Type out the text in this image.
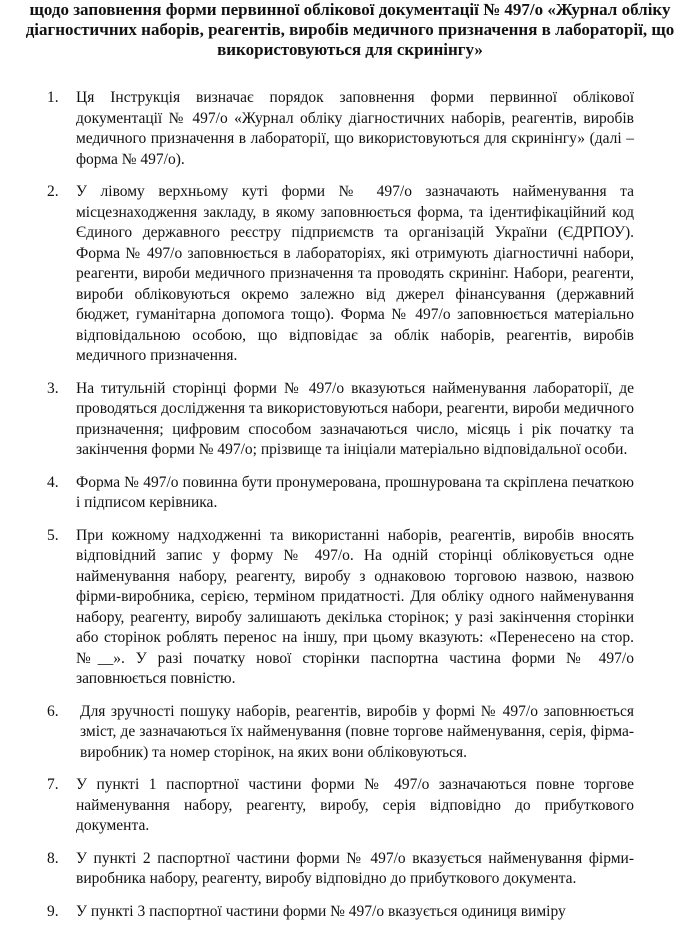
щодо заповнення форми первинної облікової документації № 497/о «Журнал обліку діагностичних наборів, реагентів, виробів медичного призначення в лабораторії, що використовуються для скринінгу»
1. Ця Інструкція визначає порядок заповнення форми первинної облікової документації № 497/о «Журнал обліку діагностичних наборів, реагентів, виробів медичного призначення в лабораторії, що використовуються для скринінгу» (далі – форма № 497/о).
2. У лівому верхньому куті форми № 497/о зазначають найменування та місцезнаходження закладу, в якому заповнюється форма, та ідентифікаційний код Єдиного державного реєстру підприємств та організацій України (ЄДРПОУ). Форма № 497/о заповнюється в лабораторіях, які отримують діагностичні набори, реагенти, вироби медичного призначення та проводять скринінг. Набори, реагенти, вироби обліковуються окремо залежно від джерел фінансування (державний бюджет, гуманітарна допомога тощо). Форма № 497/о заповнюється матеріально відповідальною особою, що відповідає за облік наборів, реагентів, виробів медичного призначення.
3. На титульній сторінці форми № 497/о вказуються найменування лабораторії, де проводяться дослідження та використовуються набори, реагенти, вироби медичного призначення; цифровим способом зазначаються число, місяць і рік початку та закінчення форми № 497/о; прізвище та ініціали матеріально відповідальної особи.
4. Форма № 497/о повинна бути пронумерована, прошнурована та скріплена печаткою і підписом керівника.
5. При кожному надходженні та використанні наборів, реагентів, виробів вносять відповідний запис у форму № 497/о. На одній сторінці обліковується одне найменування набору, реагенту, виробу з однаковою торговою назвою, назвою фірми-виробника, серією, терміном придатності. Для обліку одного найменування набору, реагенту, виробу залишають декілька сторінок; у разі закінчення сторінки або сторінок роблять перенос на іншу, при цьому вказують: «Перенесено на стор. №__». У разі початку нової сторінки паспортна частина форми № 497/о заповнюється повністю.
6. Для зручності пошуку наборів, реагентів, виробів у формі № 497/о заповнюється зміст, де зазначаються їх найменування (повне торгове найменування, серія, фірма-виробник) та номер сторінок, на яких вони обліковуються.
7. У пункті 1 паспортної частини форми № 497/о зазначаються повне торгове найменування набору, реагенту, виробу, серія відповідно до прибуткового документа.
8. У пункті 2 паспортної частини форми № 497/о вказується найменування фірми-виробника набору, реагенту, виробу відповідно до прибуткового документа.
9. У пункті 3 паспортної частини форми № 497/о вказується одиниця виміру
